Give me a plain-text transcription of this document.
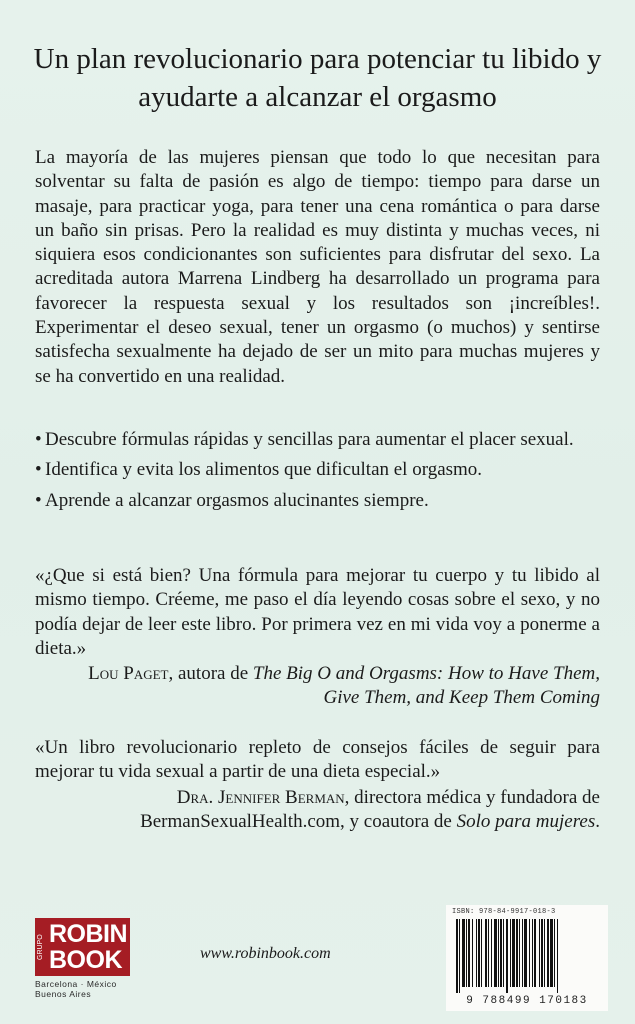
Un plan revolucionario para potenciar tu libido y ayudarte a alcanzar el orgasmo

La mayoría de las mujeres piensan que todo lo que necesitan para solventar su falta de pasión es algo de tiempo: tiempo para darse un masaje, para practicar yoga, para tener una cena romántica o para darse un baño sin prisas. Pero la realidad es muy distinta y muchas veces, ni siquiera esos condicionantes son suficientes para disfrutar del sexo. La acreditada autora Marrena Lindberg ha desarrollado un programa para favorecer la respuesta sexual y los resultados son ¡increíbles!. Experimentar el deseo sexual, tener un orgasmo (o muchos) y sentirse satisfecha sexualmente ha dejado de ser un mito para muchas mujeres y se ha convertido en una realidad.

• Descubre fórmulas rápidas y sencillas para aumentar el placer sexual.
• Identifica y evita los alimentos que dificultan el orgasmo.
• Aprende a alcanzar orgasmos alucinantes siempre.
«¿Que si está bien? Una fórmula para mejorar tu cuerpo y tu libido al mismo tiempo. Créeme, me paso el día leyendo cosas sobre el sexo, y no podía dejar de leer este libro. Por primera vez en mi vida voy a ponerme a dieta.»
Lou Paget, autora de The Big O and Orgasms: How to Have Them, Give Them, and Keep Them Coming
«Un libro revolucionario repleto de consejos fáciles de seguir para mejorar tu vida sexual a partir de una dieta especial.»
Dra. Jennifer Berman, directora médica y fundadora de BermanSexualHealth.com, y coautora de Solo para mujeres.
GRUPO ROBIN
BOOK
Barcelona · México Buenos Aires
www.robinbook.com
ISBN: 978-84-9917-018-3
9 788499 170183
